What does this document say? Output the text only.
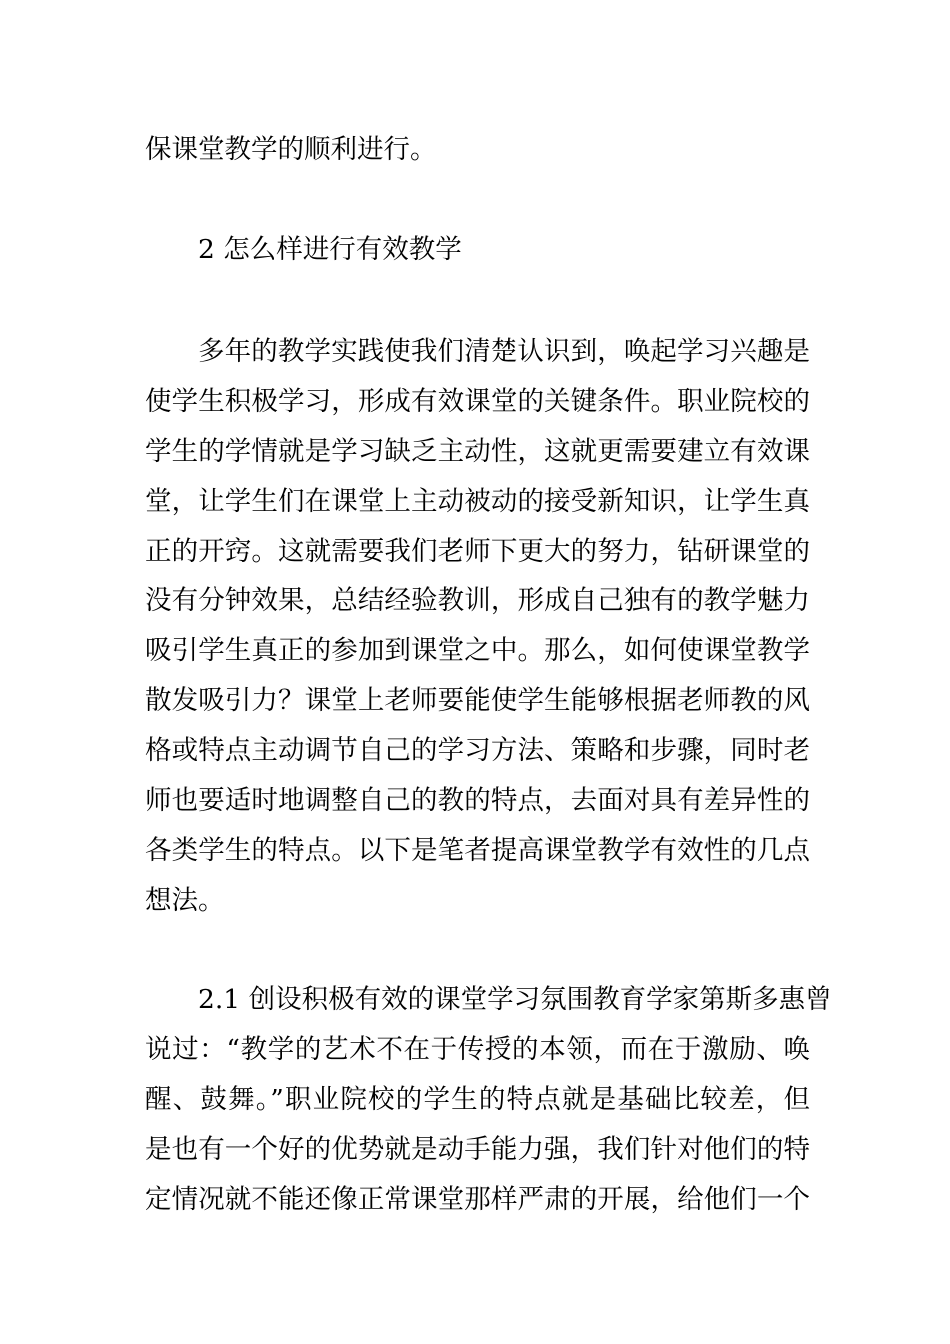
保课堂教学的顺利进行。
2 怎么样进行有效教学
多年的教学实践使我们清楚认识到，唤起学习兴趣是
使学生积极学习，形成有效课堂的关键条件。职业院校的
学生的学情就是学习缺乏主动性，这就更需要建立有效课
堂，让学生们在课堂上主动被动的接受新知识，让学生真
正的开窍。这就需要我们老师下更大的努力，钻研课堂的
没有分钟效果，总结经验教训，形成自己独有的教学魅力
吸引学生真正的参加到课堂之中。那么，如何使课堂教学
散发吸引力？课堂上老师要能使学生能够根据老师教的风
格或特点主动调节自己的学习方法、策略和步骤，同时老
师也要适时地调整自己的教的特点，去面对具有差异性的
各类学生的特点。以下是笔者提高课堂教学有效性的几点
想法。
2.1 创设积极有效的课堂学习氛围教育学家第斯多惠曾
说过：“教学的艺术不在于传授的本领，而在于激励、唤
醒、鼓舞。”职业院校的学生的特点就是基础比较差，但
是也有一个好的优势就是动手能力强，我们针对他们的特
定情况就不能还像正常课堂那样严肃的开展，给他们一个
